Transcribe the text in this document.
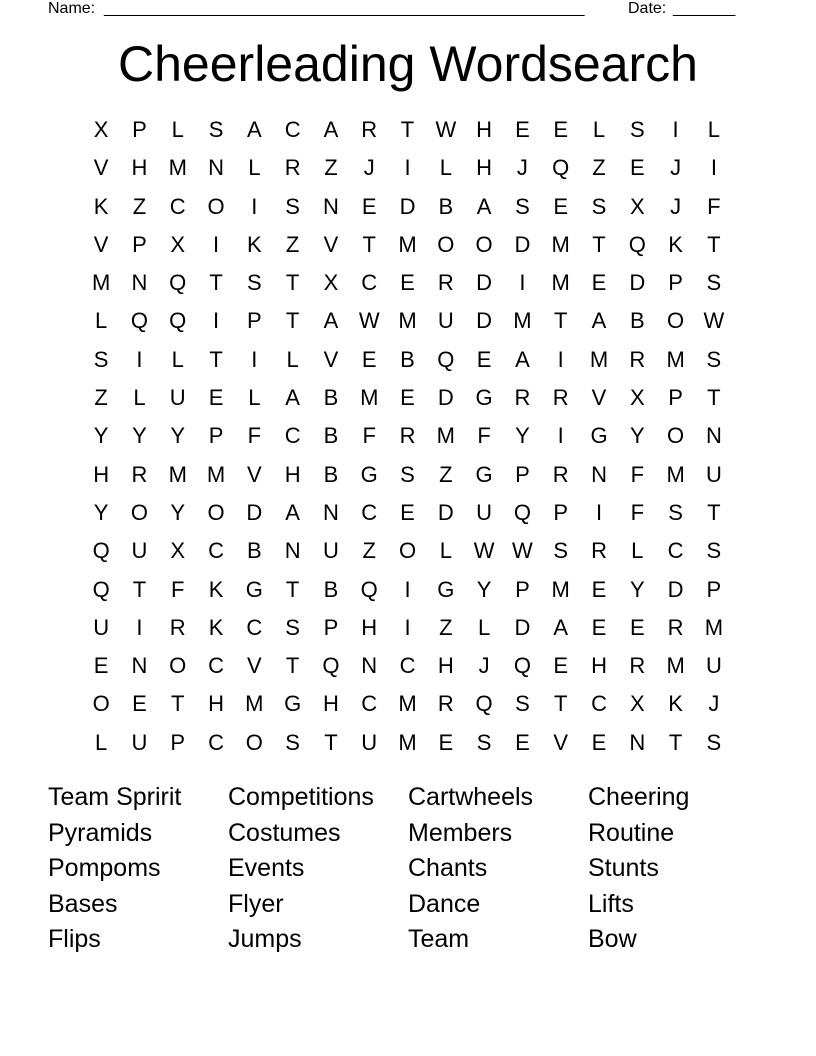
Name: ______________________________________________________	Date: _______
Cheerleading Wordsearch
X	P	L	S	A	C	A	R	T W H	E	E	L	S	I	L
V	H M N	L	R	Z	J	I	L	H	J	Q	Z	E	J	I
K	Z	C O	I	S	N	E	D	B	A	S	E	S	X	J	F
V	P	X	I	K	Z	V	T	M O O D M	T	Q	K	T
M N Q	T	S	T	X	C	E	R	D	I	M E	D	P	S
L	Q Q	I	P	T	A W M U	D M	T	A	B	O W
S	I	L	T	I	L	V	E	B	Q	E	A	I	M R M S
Z	L	U	E	L	A	B M E	D G R	R	V	X	P	T
Y	Y	Y	P	F	C	B	F	R M	F	Y	I	G	Y	O N
H	R M M V	H	B	G	S	Z	G	P	R	N	F	M U
Y	O	Y	O D	A	N	C	E	D	U Q	P	I	F	S	T
Q U	X	C	B	N	U	Z	O	L W W S	R	L	C	S
Q	T	F	K	G	T	B	Q	I	G	Y	P M E	Y	D	P
U	I	R	K	C	S	P	H	I	Z	L	D	A	E	E	R M
E	N O C	V	T	Q N	C	H	J	Q	E	H	R M U
O	E	T	H M G H	C M R Q	S	T	C	X	K	J
L	U	P	C O	S	T	U M E	S	E	V	E	N	T	S
Team Spririt	Competitions	Cartwheels	Cheering
Pyramids	Costumes	Members	Routine
Pompoms	Events	Chants	Stunts
Bases	Flyer	Dance	Lifts
Flips	Jumps	Team	Bow
